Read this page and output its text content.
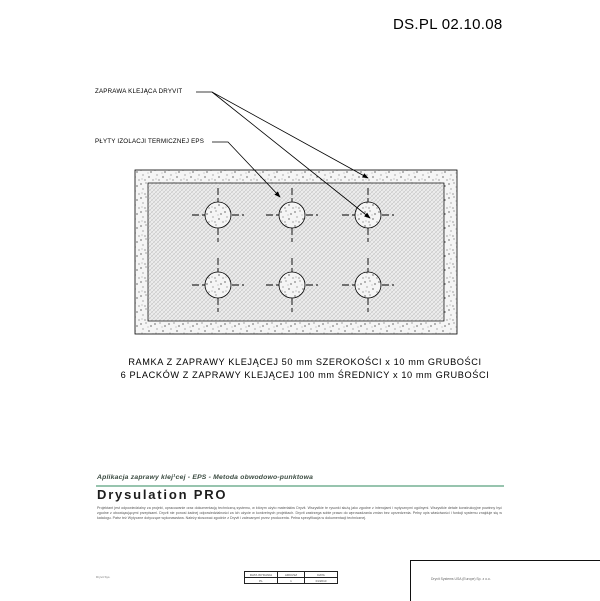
DS.PL 02.10.08
ZAPRAWA KLEJĄCA DRYVIT
PŁYTY IZOLACJI TERMICZNEJ EPS
RAMKA Z ZAPRAWY KLEJĄCEJ 50 mm SZEROKOŚCI x 10 mm GRUBOŚCI
6 PLACKÓW Z ZAPRAWY KLEJĄCEJ 100 mm ŚREDNICY x 10 mm GRUBOŚCI
Aplikacja zaprawy klej¹cej - EPS - Metoda obwodowo-punktowa
Drysulation PRO
Projektant jest odpowiedzialny za projekt, opracowanie oraz dokumentację techniczną systemu, w którym użyto materiałów Dryvit. Wszystkie te rysunki służą jako zgodne z intencjami i wytycznymi ogólnymi. Wszystkie detale konstrukcyjne powinny być zgodne z obowiązującymi przepisami. Dryvit nie ponosi żadnej odpowiedzialności za ich użycie w konkretnych projektach. Dryvit zastrzega sobie prawo do wprowadzania zmian bez uprzedzenia. Pełny opis właściwości i funkcji systemu znajduje się w katalogu. Patrz też Wytyczne dotyczące wykonawstwa. Należy stosować zgodnie z Dryvit i zalecanymi przez producenta. Pełna specyfikacja w dokumentacji technicznej.
Dryvit Sys.
DATA WYDANIA	ARKUSZ	DATA
PL	1	01/2010	Dryvit Systems USA (Europe) Sp. z o.o.
